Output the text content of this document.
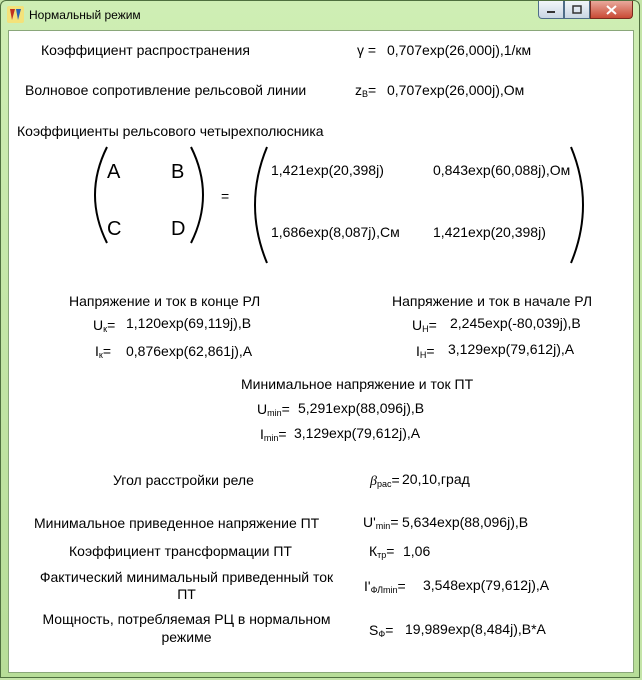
Нормальный режим
Коэффициент распространения	γ = 0,707exp(26,000j),1/км
Волновое сопротивление рельсовой линии	$z_В= 0,707\exp(26,000j),Ом$
Коэффициенты рельсового четырехполюсника
A	B
C D
=
1,421exp(20,398j)	0,843exp(60,088j),Ом
1,686exp(8,087j),См 1,421exp(20,398j)
Напряжение и ток в конце РЛ
$U_к= 1,120\exp(69,119j),В$
$I_к= 0,876\exp(62,861j),А$
Напряжение и ток в начале РЛ
$U_Н= 2,245\exp(-80,039j),В$
$I_Н= 3,129\exp(79,612j),А$
Минимальное напряжение и ток ПТ
$U_{min}= 5,291\exp(88,096j),В$
$I_{min}= 3,129\exp(79,612j),А$
Угол расстройки реле	$\beta_{рас}=$ 20,10,град
Минимальное приведенное напряжение ПТ	$U'_{min}= 5,634\exp(88,096j),В$
Коэффициент трансформации ПТ	$К_{тр}= 1,06$
Фактический минимальный приведенный ток
ПТ	$I'_{ФЛmin}= 3,548\exp(79,612j),А$
Мощность, потребляемая РЦ в нормальном
режиме	$S_Ф= 19,989\exp(8,484j),В*А$
